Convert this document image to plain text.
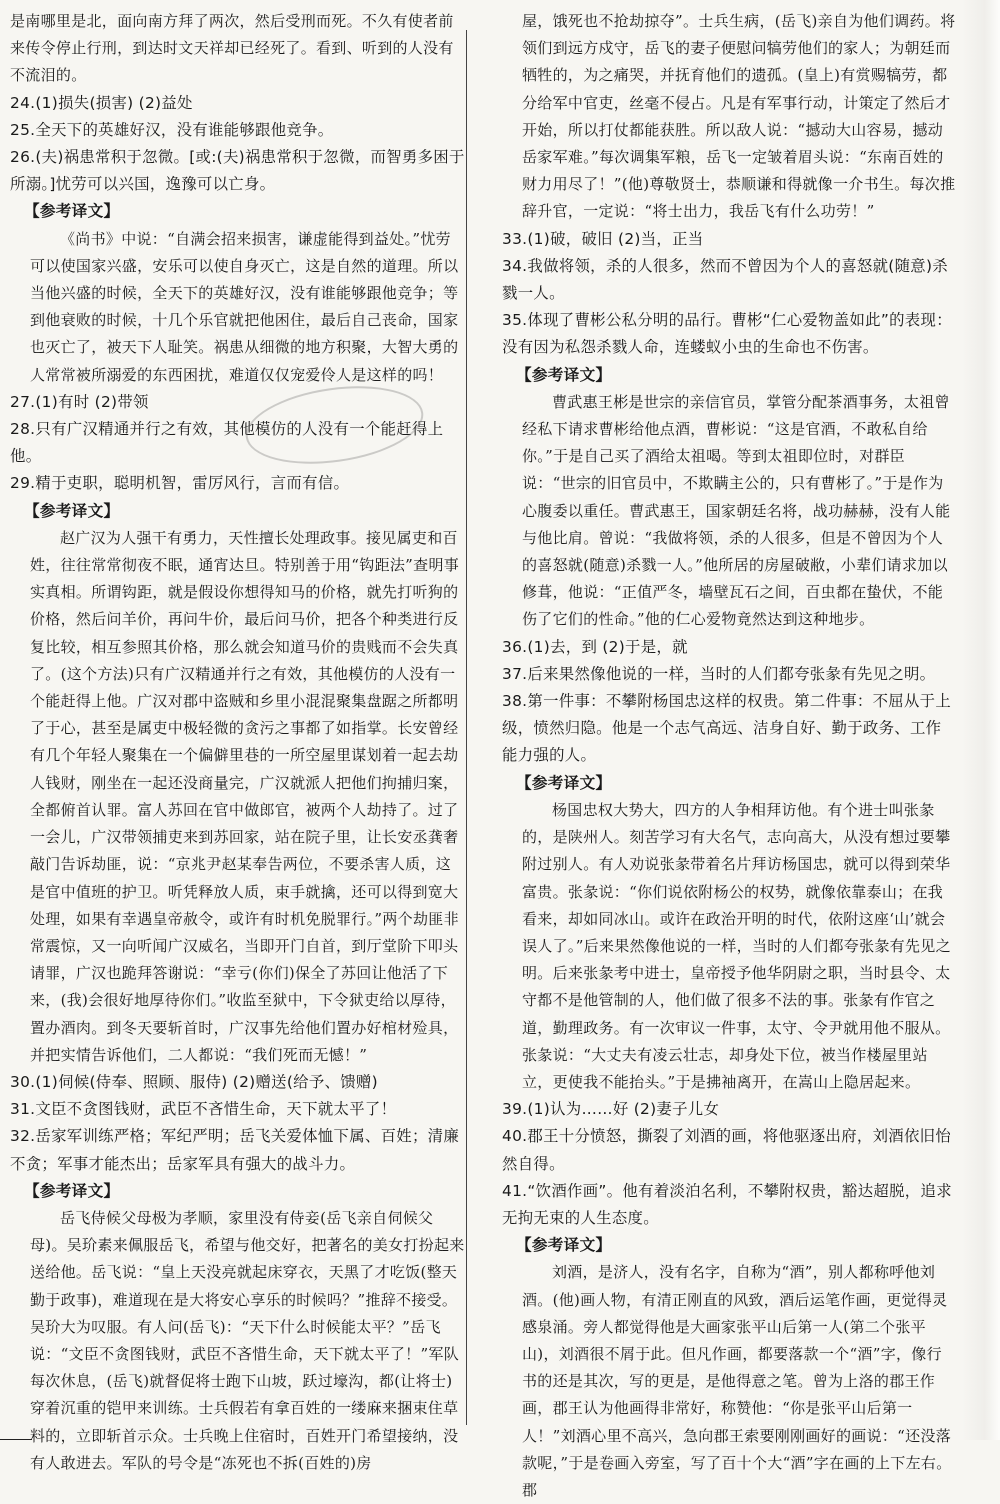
是南哪里是北，面向南方拜了两次，然后受刑而死。不久有使者前来传令停止行刑，到达时文天祥却已经死了。看到、听到的人没有不流泪的。

24.(1)损失(损害) (2)益处

25.全天下的英雄好汉，没有谁能够跟他竞争。

26.(夫)祸患常积于忽微。[或:(夫)祸患常积于忽微，而智勇多困于所溺。]忧劳可以兴国，逸豫可以亡身。

【参考译文】

《尚书》中说：“自满会招来损害，谦虚能得到益处。”忧劳可以使国家兴盛，安乐可以使自身灭亡，这是自然的道理。所以当他兴盛的时候，全天下的英雄好汉，没有谁能够跟他竞争；等到他衰败的时候，十几个乐官就把他困住，最后自己丧命，国家也灭亡了，被天下人耻笑。祸患从细微的地方积聚，大智大勇的人常常被所溺爱的东西困扰，难道仅仅宠爱伶人是这样的吗！

27.(1)有时 (2)带领

28.只有广汉精通并行之有效，其他模仿的人没有一个能赶得上他。

29.精于吏职，聪明机智，雷厉风行，言而有信。

【参考译文】

赵广汉为人强干有勇力，天性擅长处理政事。接见属吏和百姓，往往常常彻夜不眠，通宵达旦。特别善于用“钩距法”查明事实真相。所谓钩距，就是假设你想得知马的价格，就先打听狗的价格，然后问羊价，再问牛价，最后问马价，把各个种类进行反复比较，相互参照其价格，那么就会知道马价的贵贱而不会失真了。(这个方法)只有广汉精通并行之有效，其他模仿的人没有一个能赶得上他。广汉对郡中盗贼和乡里小混混聚集盘踞之所都明了于心，甚至是属吏中极轻微的贪污之事都了如指掌。长安曾经有几个年轻人聚集在一个偏僻里巷的一所空屋里谋划着一起去劫人钱财，刚坐在一起还没商量完，广汉就派人把他们拘捕归案，全都俯首认罪。富人苏回在官中做郎官，被两个人劫持了。过了一会儿，广汉带领捕吏来到苏回家，站在院子里，让长安丞龚奢敲门告诉劫匪，说：“京兆尹赵某奉告两位，不要杀害人质，这是官中值班的护卫。听凭释放人质，束手就擒，还可以得到宽大处理，如果有幸遇皇帝赦令，或许有时机免脱罪行。”两个劫匪非常震惊，又一向听闻广汉威名，当即开门自首，到厅堂阶下叩头请罪，广汉也跪拜答谢说：“幸亏(你们)保全了苏回让他活了下来，(我)会很好地厚待你们。”收监至狱中，下令狱吏给以厚待，置办酒肉。到冬天要斩首时，广汉事先给他们置办好棺材殓具，并把实情告诉他们，二人都说：“我们死而无憾！”

30.(1)伺候(侍奉、照顾、服侍) (2)赠送(给予、馈赠)

31.文臣不贪图钱财，武臣不吝惜生命，天下就太平了！

32.岳家军训练严格；军纪严明；岳飞关爱体恤下属、百姓；清廉不贪；军事才能杰出；岳家军具有强大的战斗力。

【参考译文】

岳飞侍候父母极为孝顺，家里没有侍妾(岳飞亲自伺候父母)。吴玠素来佩服岳飞，希望与他交好，把著名的美女打扮起来送给他。岳飞说：“皇上天没亮就起床穿衣，天黑了才吃饭(整天勤于政事)，难道现在是大将安心享乐的时候吗？”推辞不接受。吴玠大为叹服。有人问(岳飞)：“天下什么时候能太平？”岳飞说：“文臣不贪图钱财，武臣不吝惜生命，天下就太平了！”军队每次休息，(岳飞)就督促将士跑下山坡，跃过壕沟，都(让将士)穿着沉重的铠甲来训练。士兵假若有拿百姓的一缕麻来捆束住草料的，立即斩首示众。士兵晚上住宿时，百姓开门希望接纳，没有人敢进去。军队的号令是“冻死也不拆(百姓的)房

屋，饿死也不抢劫掠夺”。士兵生病，(岳飞)亲自为他们调药。将领们到远方戍守，岳飞的妻子便慰问犒劳他们的家人；为朝廷而牺牲的，为之痛哭，并抚育他们的遗孤。(皇上)有赏赐犒劳，都分给军中官吏，丝毫不侵占。凡是有军事行动，计策定了然后才开始，所以打仗都能获胜。所以敌人说：“撼动大山容易，撼动岳家军难。”每次调集军粮，岳飞一定皱着眉头说：“东南百姓的财力用尽了！”(他)尊敬贤士，恭顺谦和得就像一介书生。每次推辞升官，一定说：“将士出力，我岳飞有什么功劳！”

33.(1)破，破旧 (2)当，正当

34.我做将领，杀的人很多，然而不曾因为个人的喜怒就(随意)杀戮一人。

35.体现了曹彬公私分明的品行。曹彬“仁心爱物盖如此”的表现：没有因为私怨杀戮人命，连蝼蚁小虫的生命也不伤害。

【参考译文】

曹武惠王彬是世宗的亲信官员，掌管分配茶酒事务，太祖曾经私下请求曹彬给他点酒，曹彬说：“这是官酒，不敢私自给你。”于是自己买了酒给太祖喝。等到太祖即位时，对群臣说：“世宗的旧官员中，不欺瞒主公的，只有曹彬了。”于是作为心腹委以重任。曹武惠王，国家朝廷名将，战功赫赫，没有人能与他比肩。曾说：“我做将领，杀的人很多，但是不曾因为个人的喜怒就(随意)杀戮一人。”他所居的房屋破敝，小辈们请求加以修葺，他说：“正值严冬，墙壁瓦石之间，百虫都在蛰伏，不能伤了它们的性命。”他的仁心爱物竟然达到这种地步。

36.(1)去，到 (2)于是，就

37.后来果然像他说的一样，当时的人们都夸张彖有先见之明。

38.第一件事：不攀附杨国忠这样的权贵。第二件事：不屈从于上级，愤然归隐。他是一个志气高远、洁身自好、勤于政务、工作能力强的人。

【参考译文】

杨国忠权大势大，四方的人争相拜访他。有个进士叫张彖的，是陕州人。刻苦学习有大名气，志向高大，从没有想过要攀附过别人。有人劝说张彖带着名片拜访杨国忠，就可以得到荣华富贵。张彖说：“你们说依附杨公的权势，就像依靠泰山；在我看来，却如同冰山。或许在政治开明的时代，依附这座‘山’就会误人了。”后来果然像他说的一样，当时的人们都夸张彖有先见之明。后来张彖考中进士，皇帝授予他华阴尉之职，当时县令、太守都不是他管制的人，他们做了很多不法的事。张彖有作官之道，勤理政务。有一次审议一件事，太守、令尹就用他不服从。张彖说：“大丈夫有凌云壮志，却身处下位，被当作楼屋里站立，更使我不能抬头。”于是拂袖离开，在嵩山上隐居起来。

39.(1)认为……好 (2)妻子儿女

40.郡王十分愤怒，撕裂了刘酒的画，将他驱逐出府，刘酒依旧怡然自得。

41.“饮酒作画”。他有着淡泊名利，不攀附权贵，豁达超脱，追求无拘无束的人生态度。

【参考译文】

刘酒，是济人，没有名字，自称为“酒”，别人都称呼他刘酒。(他)画人物，有清正刚直的风致，酒后运笔作画，更觉得灵感泉涌。旁人都觉得他是大画家张平山后第一人(第二个张平山)，刘酒很不屑于此。但凡作画，都要落款一个“酒”字，像行书的还是其次，写的更是，是他得意之笔。曾为上洛的郡王作画，郡王认为他画得非常好，称赞他：“你是张平山后第一人！”刘酒心里不高兴，急向郡王索要刚刚画好的画说：“还没落款呢，”于是卷画入旁室，写了百十个大“酒”字在画的上下左右。郡
